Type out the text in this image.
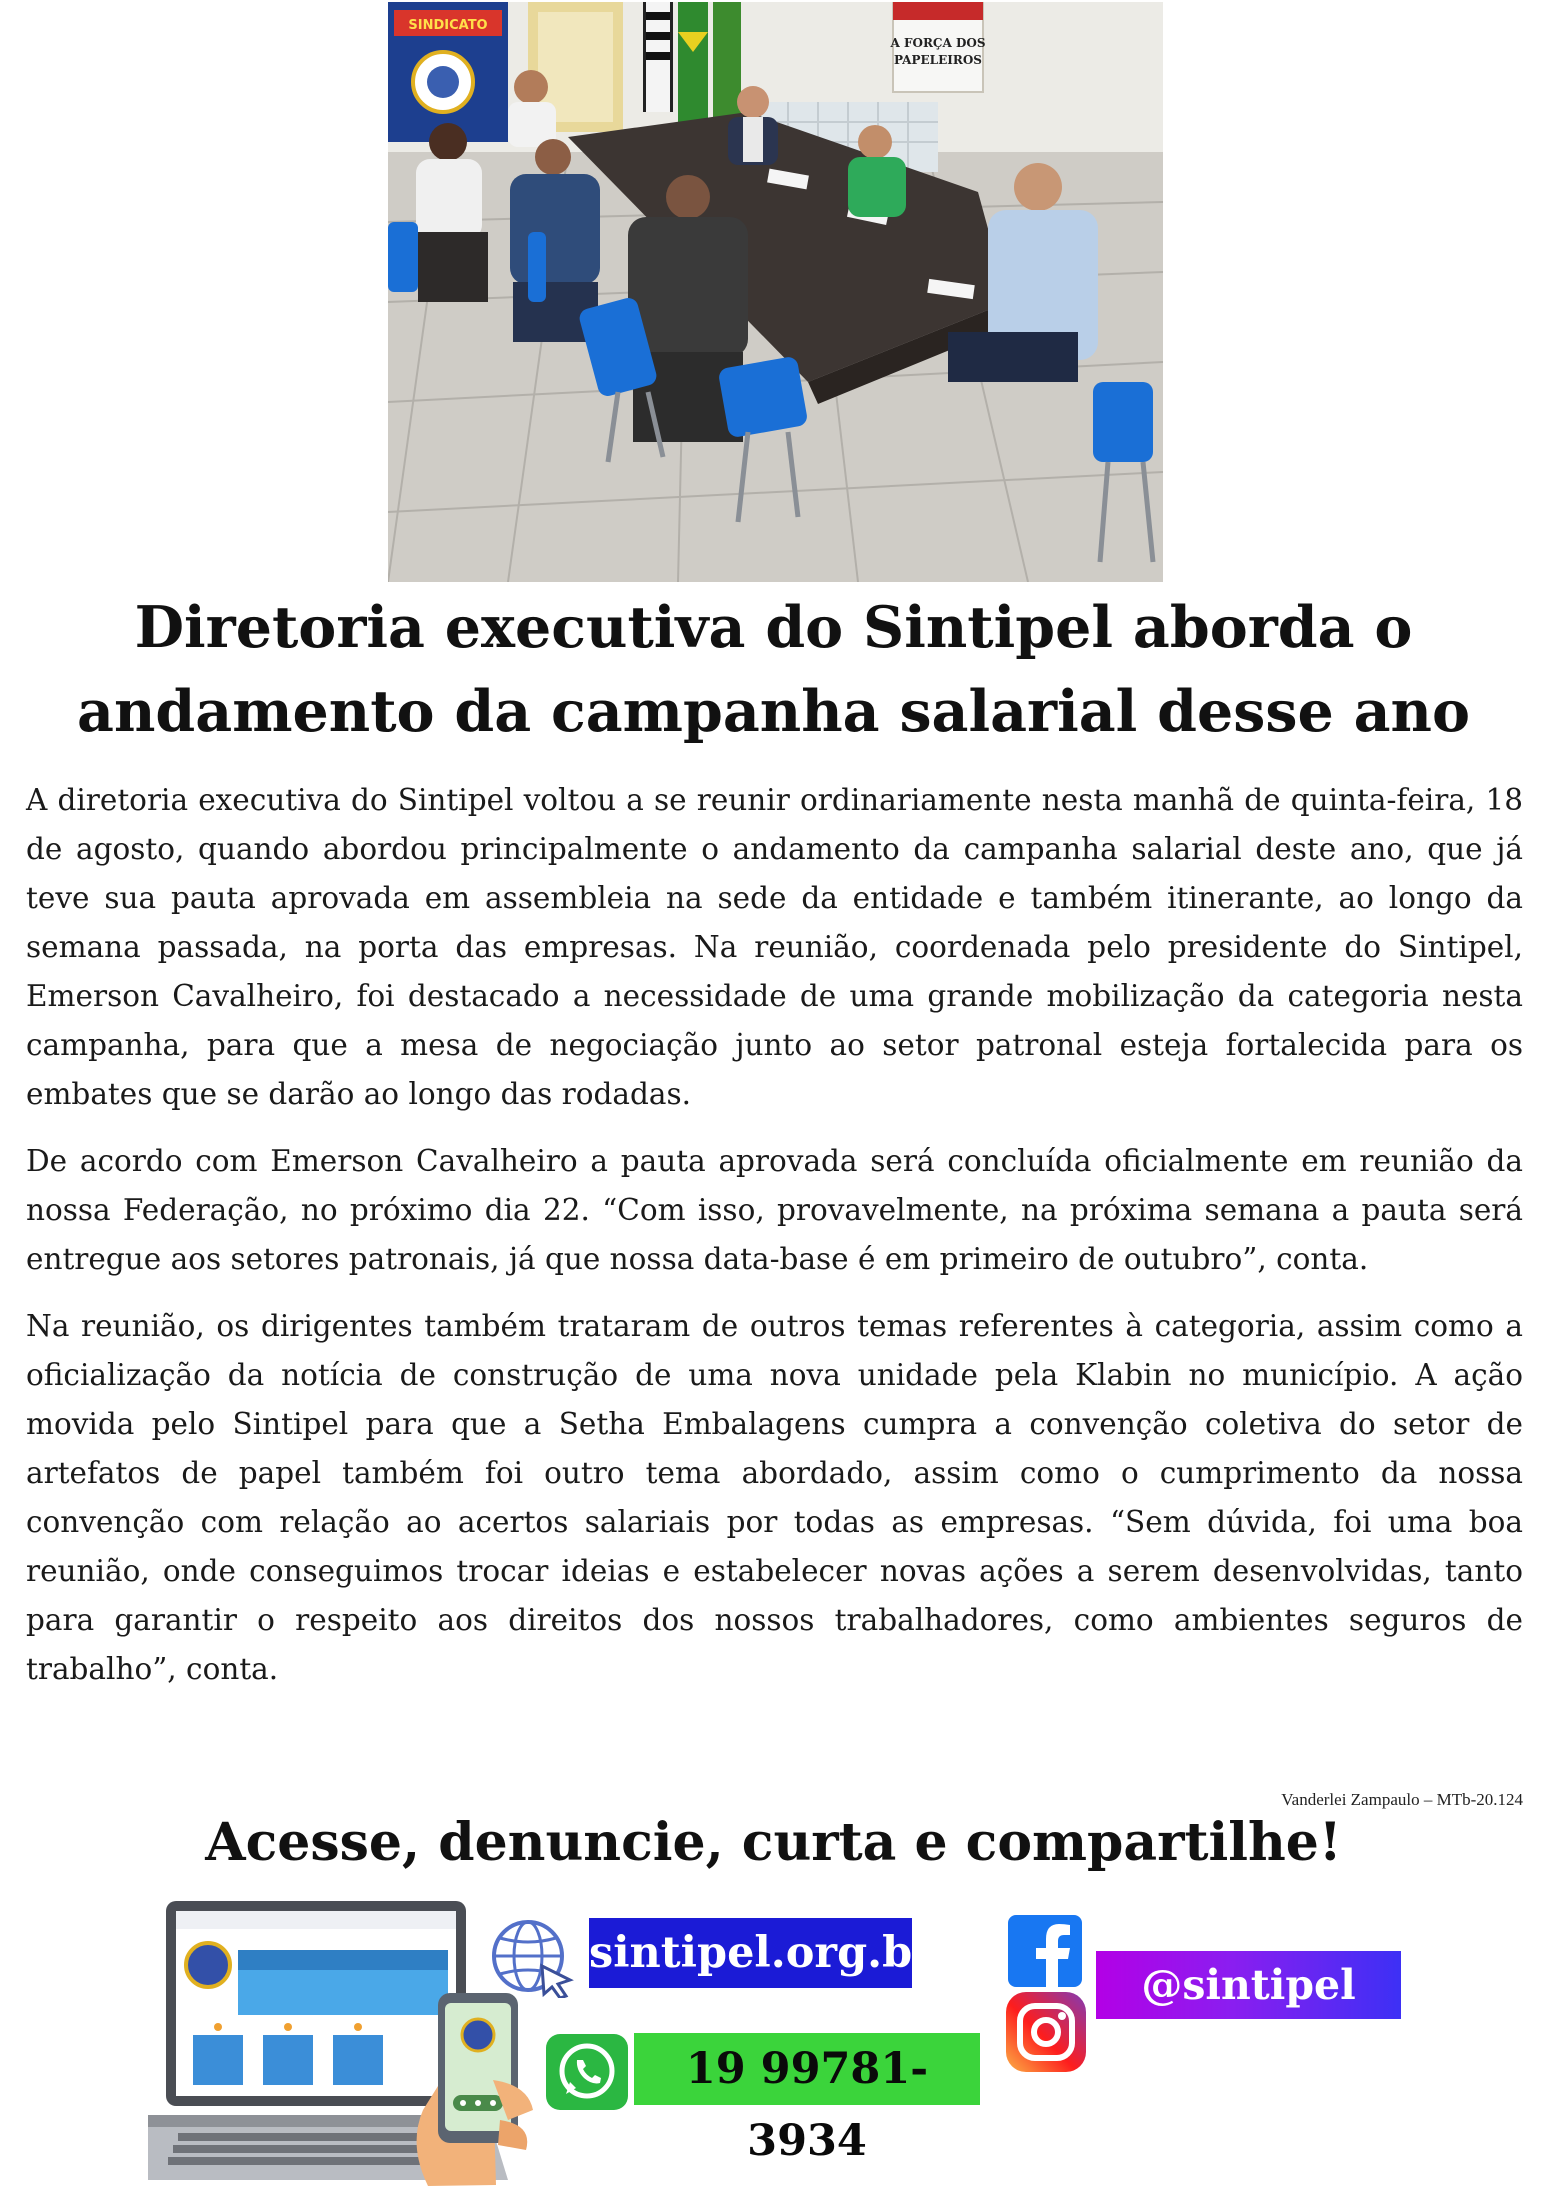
SINDICATO
A FORÇA DOS
PAPELEIROS
Diretoria executiva do Sintipel aborda o
andamento da campanha salarial desse ano

A diretoria executiva do Sintipel voltou a se reunir ordinariamente nesta manhã de quinta-feira, 18 de agosto, quando abordou principalmente o andamento da campanha salarial deste ano, que já teve sua pauta aprovada em assembleia na sede da entidade e também itinerante, ao longo da semana passada, na porta das empresas. Na reunião, coordenada pelo presidente do Sintipel, Emerson Cavalheiro, foi destacado a necessidade de uma grande mobilização da categoria nesta campanha, para que a mesa de negociação junto ao setor patronal esteja fortalecida para os embates que se darão ao longo das rodadas.

De acordo com Emerson Cavalheiro a pauta aprovada será concluída oficialmente em reunião da nossa Federação, no próximo dia 22. “Com isso, provavelmente, na próxima semana a pauta será entregue aos setores patronais, já que nossa data-base é em primeiro de outubro”, conta.

Na reunião, os dirigentes também trataram de outros temas referentes à categoria, assim como a oficialização da notícia de construção de uma nova unidade pela Klabin no município. A ação movida pelo Sintipel para que a Setha Embalagens cumpra a convenção coletiva do setor de artefatos de papel também foi outro tema abordado, assim como o cumprimento da nossa convenção com relação ao acertos salariais por todas as empresas. “Sem dúvida, foi uma boa reunião, onde conseguimos trocar ideias e estabelecer novas ações a serem desenvolvidas, tanto para garantir o respeito aos direitos dos nossos trabalhadores, como ambientes seguros de trabalho”, conta.

Vanderlei Zampaulo – MTb-20.124
Acesse, denuncie, curta e compartilhe!
sintipel.org.br
19 99781-3934
@sintipel
